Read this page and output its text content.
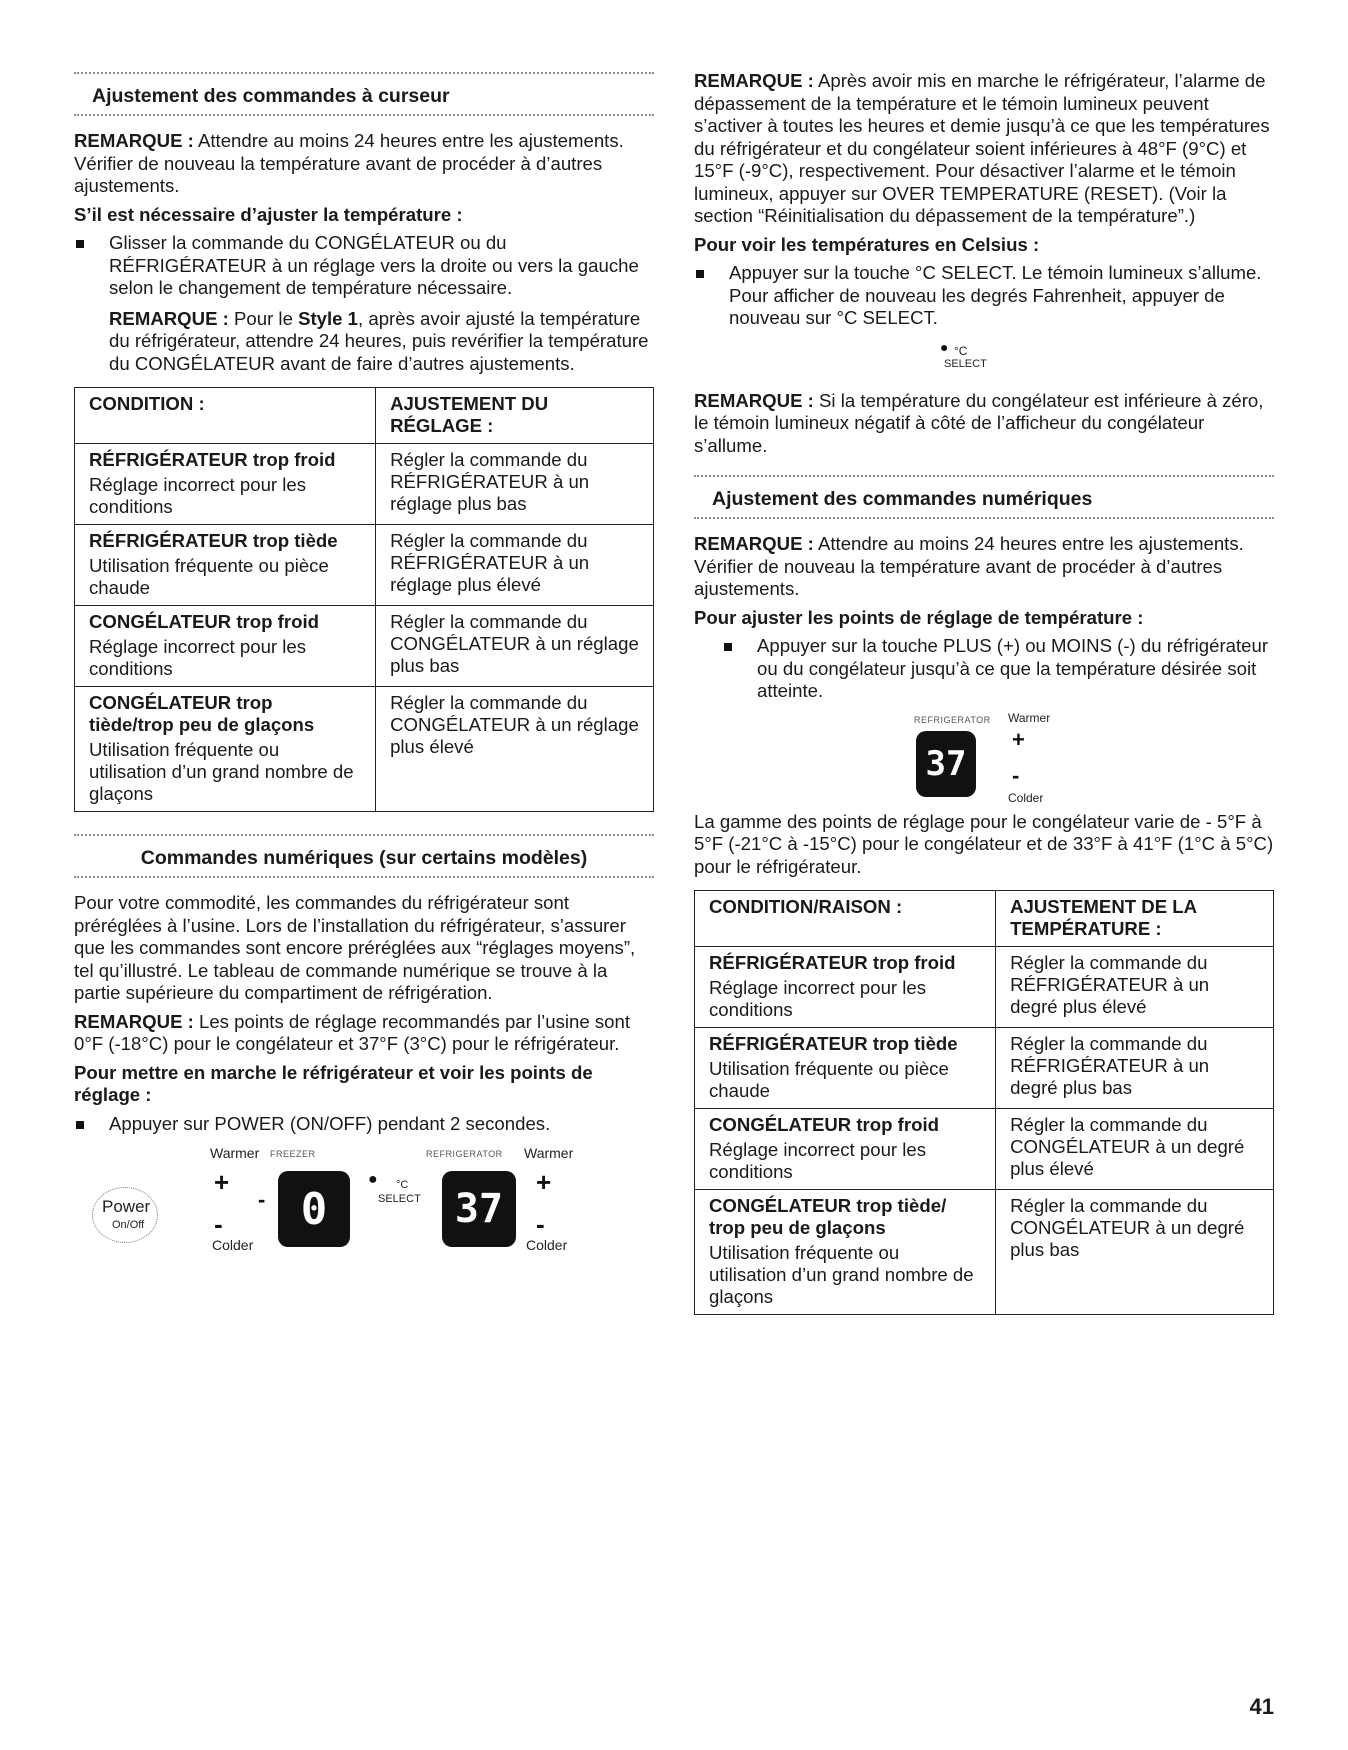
Ajustement des commandes à curseur

REMARQUE : Attendre au moins 24 heures entre les ajustements. Vérifier de nouveau la température avant de procéder à d’autres ajustements.

S’il est nécessaire d’ajuster la température :

Glisser la commande du CONGÉLATEUR ou du RÉFRIGÉRATEUR à un réglage vers la droite ou vers la gauche selon le changement de température nécessaire.

REMARQUE : Pour le Style 1, après avoir ajusté la température du réfrigérateur, attendre 24 heures, puis revérifier la température du CONGÉLATEUR avant de faire d’autres ajustements.

CONDITION :	AJUSTEMENT DU RÉGLAGE :

RÉFRIGÉRATEUR trop froid
Réglage incorrect pour les conditions	Régler la commande du RÉFRIGÉRATEUR à un réglage plus bas

RÉFRIGÉRATEUR trop tiède
Utilisation fréquente ou pièce chaude	Régler la commande du RÉFRIGÉRATEUR à un réglage plus élevé

CONGÉLATEUR trop froid
Réglage incorrect pour les conditions	Régler la commande du CONGÉLATEUR à un réglage plus bas

CONGÉLATEUR trop tiède/trop peu de glaçons
Utilisation fréquente ou utilisation d’un grand nombre de glaçons	Régler la commande du CONGÉLATEUR à un réglage plus élevé
Commandes numériques (sur certains modèles)

Pour votre commodité, les commandes du réfrigérateur sont préréglées à l’usine. Lors de l’installation du réfrigérateur, s’assurer que les commandes sont encore préréglées aux “réglages moyens”, tel qu’illustré. Le tableau de commande numérique se trouve à la partie supérieure du compartiment de réfrigération.

REMARQUE : Les points de réglage recommandés par l’usine sont 0°F (-18°C) pour le congélateur et 37°F (3°C) pour le réfrigérateur.

Pour mettre en marche le réfrigérateur et voir les points de réglage :

Appuyer sur POWER (ON/OFF) pendant 2 secondes.
Power
On/Off
Warmer FREEZER
+
-
-
Colder
0
● °C
SELECT
REFRIGERATOR
37
Warmer
+
-
Colder

REMARQUE : Après avoir mis en marche le réfrigérateur, l’alarme de dépassement de la température et le témoin lumineux peuvent s’activer à toutes les heures et demie jusqu’à ce que les températures du réfrigérateur et du congélateur soient inférieures à 48°F (9°C) et 15°F (-9°C), respectivement. Pour désactiver l’alarme et le témoin lumineux, appuyer sur OVER TEMPERATURE (RESET). (Voir la section “Réinitialisation du dépassement de la température”.)

Pour voir les températures en Celsius :

Appuyer sur la touche °C SELECT. Le témoin lumineux s’allume. Pour afficher de nouveau les degrés Fahrenheit, appuyer de nouveau sur °C SELECT.
● °C
SELECT

REMARQUE : Si la température du congélateur est inférieure à zéro, le témoin lumineux négatif à côté de l’afficheur du congélateur s’allume.

Ajustement des commandes numériques

REMARQUE : Attendre au moins 24 heures entre les ajustements. Vérifier de nouveau la température avant de procéder à d’autres ajustements.

Pour ajuster les points de réglage de température :

Appuyer sur la touche PLUS (+) ou MOINS (-) du réfrigérateur ou du congélateur jusqu’à ce que la température désirée soit atteinte.
REFRIGERATOR Warmer
37
+
-
Colder

La gamme des points de réglage pour le congélateur varie de - 5°F à 5°F (-21°C à -15°C) pour le congélateur et de 33°F à 41°F (1°C à 5°C) pour le réfrigérateur.

CONDITION/RAISON :	AJUSTEMENT DE LA TEMPÉRATURE :

RÉFRIGÉRATEUR trop froid
Réglage incorrect pour les conditions	Régler la commande du RÉFRIGÉRATEUR à un degré plus élevé

RÉFRIGÉRATEUR trop tiède
Utilisation fréquente ou pièce chaude	Régler la commande du RÉFRIGÉRATEUR à un degré plus bas

CONGÉLATEUR trop froid
Réglage incorrect pour les conditions	Régler la commande du CONGÉLATEUR à un degré plus élevé

CONGÉLATEUR trop tiède/ trop peu de glaçons
Utilisation fréquente ou utilisation d’un grand nombre de glaçons	Régler la commande du CONGÉLATEUR à un degré plus bas
41
